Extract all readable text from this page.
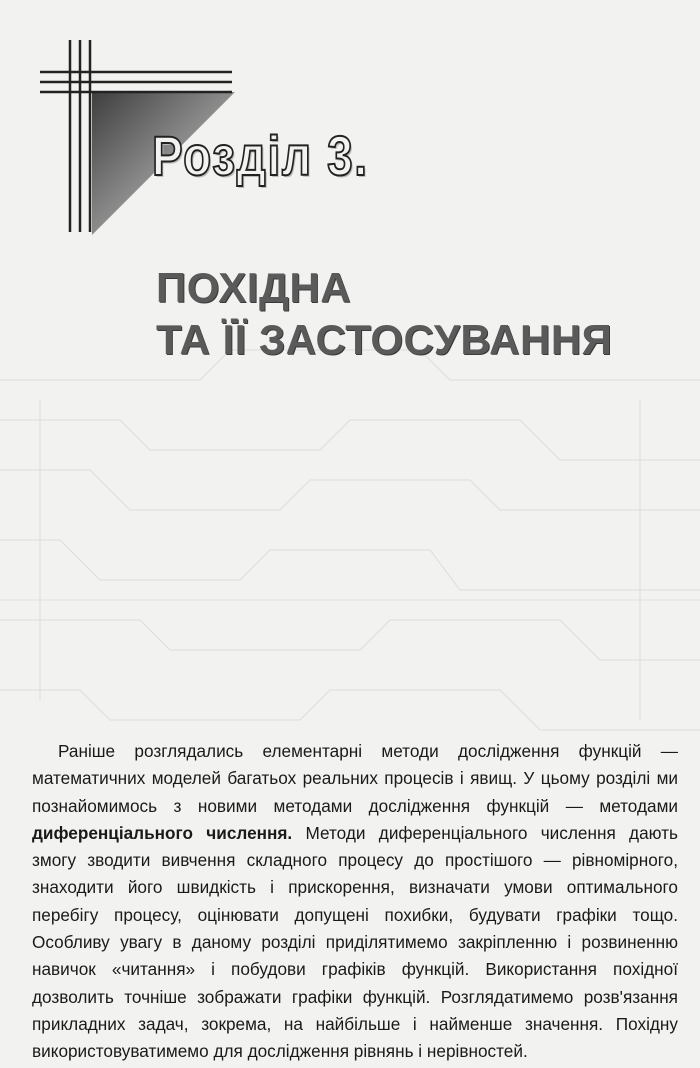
Розділ 3.
ПОХІДНА
ТА ЇЇ ЗАСТОСУВАННЯ

Раніше розглядались елементарні методи дослідження функцій — математичних моделей багатьох реальних процесів і явищ. У цьому розділі ми познайомимось з новими методами дослідження функцій — методами диференціального числення. Методи диференціального числення дають змогу зводити вивчення складного процесу до простішого — рівномірного, знаходити його швидкість і прискорення, визначати умови оптимального перебігу процесу, оцінювати допущені похибки, будувати графіки тощо. Особливу увагу в даному розділі приділятимемо закріпленню і розвиненню навичок «читання» і побудови графіків функцій. Використання похідної дозволить точніше зображати графіки функцій. Розглядатимемо розв'язання прикладних задач, зокрема, на найбільше і найменше значення. Похідну використовуватимемо для дослідження рівнянь і нерівностей.
